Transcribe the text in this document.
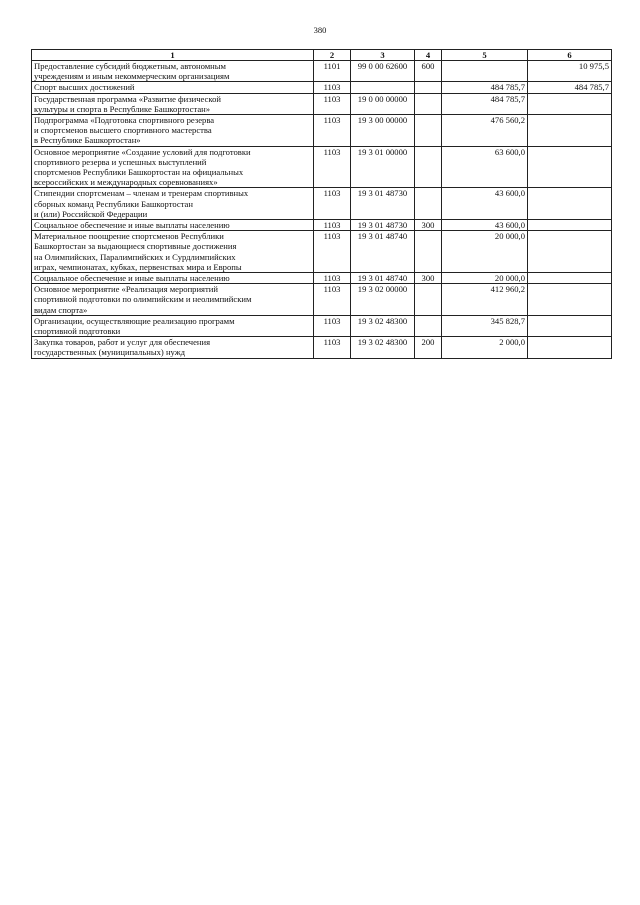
380
1	2	3	4	5	6
Предоставление субсидий бюджетным, автономным
учреждениям и иным некоммерческим организациям	1101	99 0 00 62600	600		10 975,5
Спорт высших достижений	1103			484 785,7	484 785,7
Государственная программа «Развитие физической
культуры и спорта в Республике Башкортостан»	1103	19 0 00 00000		484 785,7	
Подпрограмма «Подготовка спортивного резерва
и спортсменов высшего спортивного мастерства
в Республике Башкортостан»	1103	19 3 00 00000		476 560,2	
Основное мероприятие «Создание условий для подготовки
спортивного резерва и успешных выступлений
спортсменов Республики Башкортостан на официальных
всероссийских и международных соревнованиях»	1103	19 3 01 00000		63 600,0	
Стипендии спортсменам – членам и тренерам спортивных
сборных команд Республики Башкортостан
и (или) Российской Федерации	1103	19 3 01 48730		43 600,0	
Социальное обеспечение и иные выплаты населению	1103	19 3 01 48730	300	43 600,0	
Материальное поощрение спортсменов Республики
Башкортостан за выдающиеся спортивные достижения
на Олимпийских, Паралимпийских и Сурдлимпийских
играх, чемпионатах, кубках, первенствах мира и Европы	1103	19 3 01 48740		20 000,0	
Социальное обеспечение и иные выплаты населению	1103	19 3 01 48740	300	20 000,0	
Основное мероприятие «Реализация мероприятий
спортивной подготовки по олимпийским и неолимпийским
видам спорта»	1103	19 3 02 00000		412 960,2	
Организации, осуществляющие реализацию программ
спортивной подготовки	1103	19 3 02 48300		345 828,7	
Закупка товаров, работ и услуг для обеспечения
государственных (муниципальных) нужд	1103	19 3 02 48300	200	2 000,0	
